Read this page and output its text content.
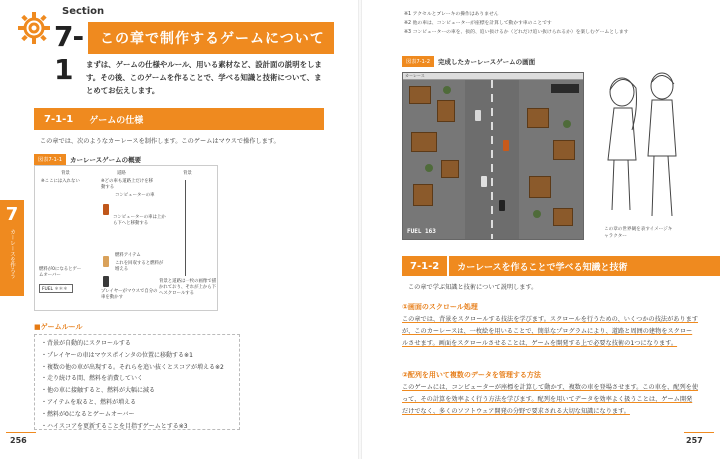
Section
7-1
この章で制作するゲームについて
まずは、ゲームの仕様やルール、用いる素材など、設計面の説明をします。その後、このゲームを作ることで、学べる知識と技術について、まとめてお伝えします。
7-1-1	ゲームの仕様
この章では、次のようなカーレースを制作します。このゲームはマウスで操作します。
図表7-1-1	カーレースゲームの概要
背景
※ここには入れない
道路
※どの車も道路上だけを移動する
コンピューターの車
コンピューターの車は上から下へと移動する
燃料アイテム
これを回収すると燃料が増える
プレイヤーがマウスで自分の車を動かす
背景
背景と道路は一枚の画像で描かれており、それが上から下へスクロールする
燃料が0になるとゲームオーバー
FUEL ＊＊＊
■ゲームルール
・背景が自動的にスクロールする
・プレイヤーの車はマウスポインタの位置に移動する※1
・複数の他の車が出現する。それらを追い抜くとスコアが増える※2
・走り続ける間、燃料を消費していく
・他の車に接触すると、燃料が大幅に減る
・アイテムを取ると、燃料が増える
・燃料が0になるとゲームオーバー
・ハイスコアを更新することを目指すゲームとする※3
7
カーレースを作ろう
256
※1 アクセルとブレーキの操作はありません
※2 他の車は、コンピューターが座標を計算して動かす車のことです
※3 コンピューターの車を、抜的、追い抜けるか（どれだけ追い抜けられるか）を楽しむゲームとします
図表7-1-2	完成したカーレースゲームの画面
カーレース
FUEL 163	この章の世界観を表すイメージキャラクター
7-1-2	カーレースを作ることで学べる知識と技術
この章で学ぶ知識と技術について説明します。
①画面のスクロール処理
この章では、背景をスクロールする技法を学びます。スクロールを行うための、いくつかの技法がありますが、このカーレースは、一枚絵を用いることで、簡単なプログラムにより、道路と周囲の建物をスクロールさせます。画面をスクロールさせることは、ゲームを開発する上で必要な技術の1つになります。
②配列を用いて複数のデータを管理する方法
このゲームには、コンピューターが座標を計算して動かす、複数の車を登場させます。この車を、配列を使って、その計算を効率よく行う方法を学びます。配列を用いてデータを効率よく扱うことは、ゲーム開発だけでなく、多くのソフトウェア開発の分野で要求される大切な知識になります。
257
